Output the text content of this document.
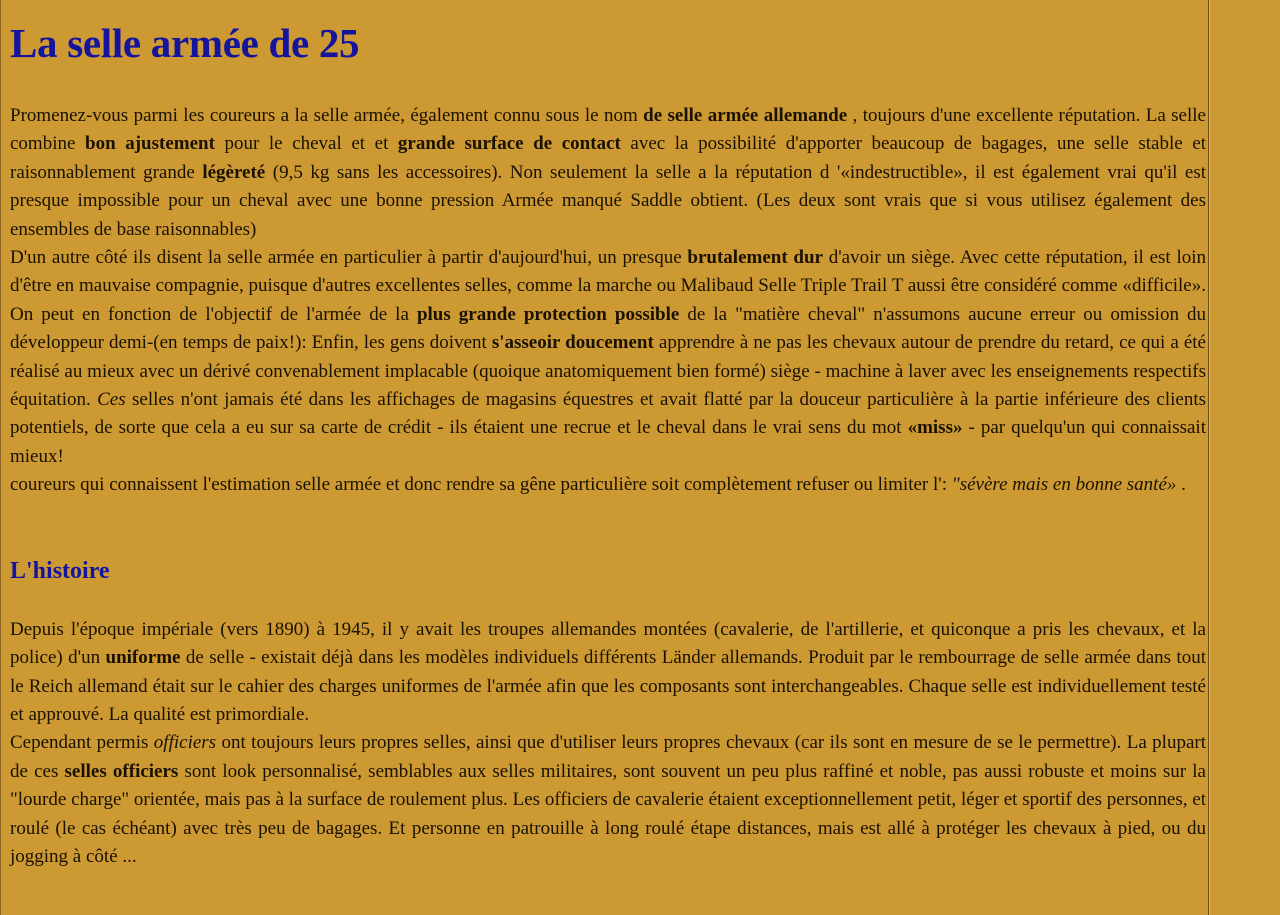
La selle armée de 25

Promenez-vous parmi les coureurs a la selle armée, également connu sous le nom de selle armée allemande , toujours d'une excellente réputation. La selle combine bon ajustement pour le cheval et et grande surface de contact avec la possibilité d'apporter beaucoup de bagages, une selle stable et raisonnablement grande légèreté (9,5 kg sans les accessoires). Non seulement la selle a la réputation d '«indestructible», il est également vrai qu'il est presque impossible pour un cheval avec une bonne pression Armée manqué Saddle obtient. (Les deux sont vrais que si vous utilisez également des ensembles de base raisonnables)

D'un autre côté ils disent la selle armée en particulier à partir d'aujourd'hui, un presque brutalement dur d'avoir un siège. Avec cette réputation, il est loin d'être en mauvaise compagnie, puisque d'autres excellentes selles, comme la marche ou Malibaud Selle Triple Trail T aussi être considéré comme «difficile». On peut en fonction de l'objectif de l'armée de la plus grande protection possible de la "matière cheval" n'assumons aucune erreur ou omission du développeur demi-(en temps de paix!): Enfin, les gens doivent s'asseoir doucement apprendre à ne pas les chevaux autour de prendre du retard, ce qui a été réalisé au mieux avec un dérivé convenablement implacable (quoique anatomiquement bien formé) siège - machine à laver avec les enseignements respectifs équitation. Ces selles n'ont jamais été dans les affichages de magasins équestres et avait flatté par la douceur particulière à la partie inférieure des clients potentiels, de sorte que cela a eu sur sa carte de crédit - ils étaient une recrue et le cheval dans le vrai sens du mot «miss» - par quelqu'un qui connaissait mieux!

coureurs qui connaissent l'estimation selle armée et donc rendre sa gêne particulière soit complètement refuser ou limiter l': "sévère mais en bonne santé» .

L'histoire

Depuis l'époque impériale (vers 1890) à 1945, il y avait les troupes allemandes montées (cavalerie, de l'artillerie, et quiconque a pris les chevaux, et la police) d'un uniforme de selle - existait déjà dans les modèles individuels différents Länder allemands. Produit par le rembourrage de selle armée dans tout le Reich allemand était sur le cahier des charges uniformes de l'armée afin que les composants sont interchangeables. Chaque selle est individuellement testé et approuvé. La qualité est primordiale.

Cependant permis officiers ont toujours leurs propres selles, ainsi que d'utiliser leurs propres chevaux (car ils sont en mesure de se le permettre). La plupart de ces selles officiers sont look personnalisé, semblables aux selles militaires, sont souvent un peu plus raffiné et noble, pas aussi robuste et moins sur la "lourde charge" orientée, mais pas à la surface de roulement plus. Les officiers de cavalerie étaient exceptionnellement petit, léger et sportif des personnes, et roulé (le cas échéant) avec très peu de bagages. Et personne en patrouille à long roulé étape distances, mais est allé à protéger les chevaux à pied, ou du jogging à côté ...
